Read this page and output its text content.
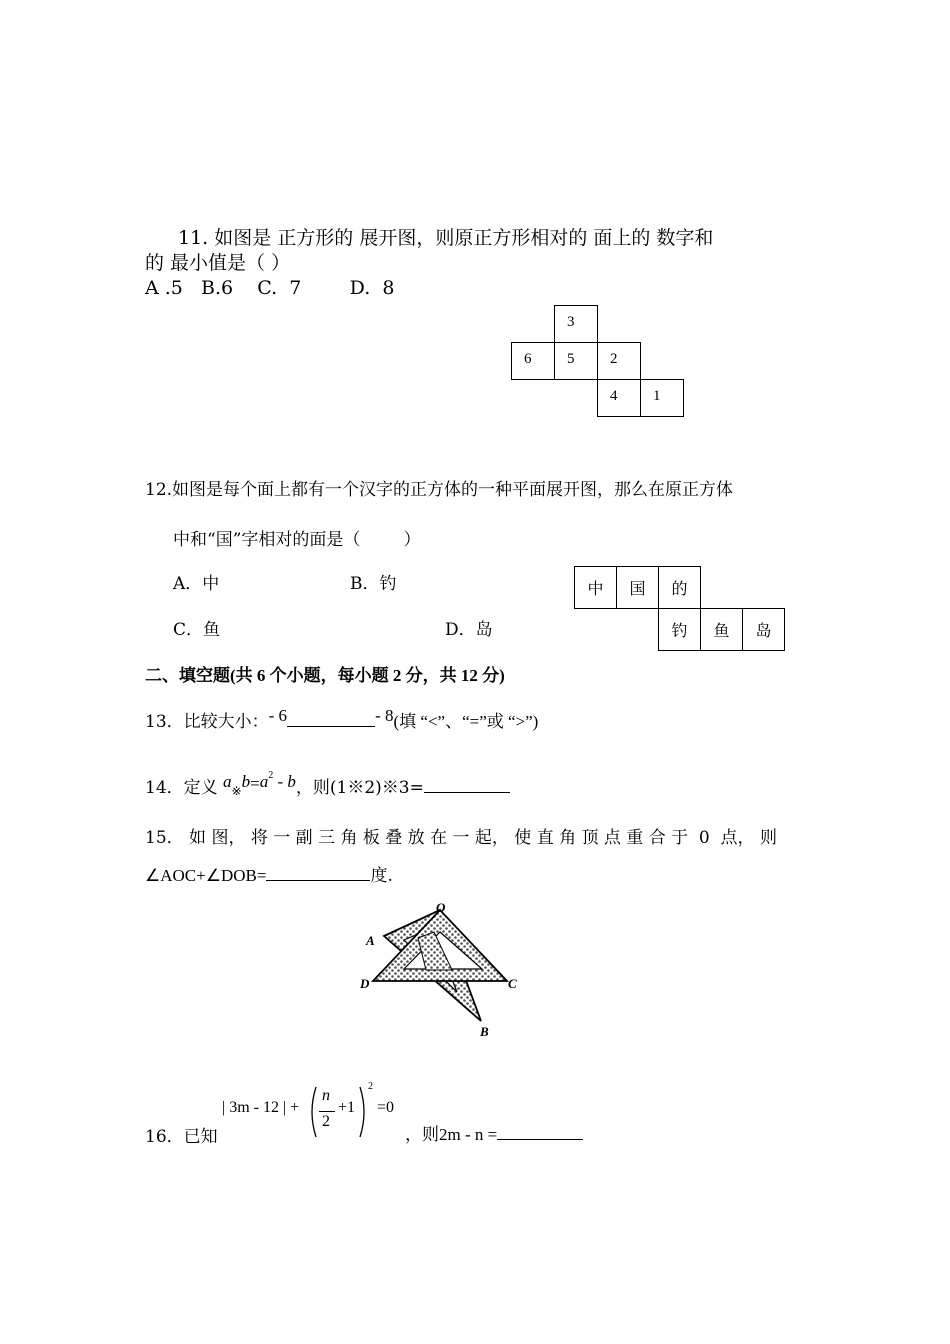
11. 如图是 正方形的 展开图，则原正方形相对的 面上的 数字和
的 最小值是（ ）
A .5   B.6    C.  7        D.  8
3
6 5 2
4 1
12.如图是每个面上都有一个汉字的正方体的一种平面展开图，那么在原正方体
中和“国”字相对的面是（        ）
A．中	B．钓
C．鱼	D．岛
中	国	的
钓	鱼	岛
二、填空题(共 6 个小题，每小题 2 分，共 12 分)
13．比较大小：- 6	- 8(填 “<”、“=”或 “>”)
14．定义 $a※b=a^2 - b$，则(1※2)※3=
15． 如 图， 将 一 副 三 角 板 叠 放 在 一 起， 使 直 角 顶 点 重 合 于  0  点， 则
∠AOC+∠DOB=	度.
O
A
D	C
B
16．已知
| 3m - 12 | +
n
2
+1
2
=0
，则2m - n =
